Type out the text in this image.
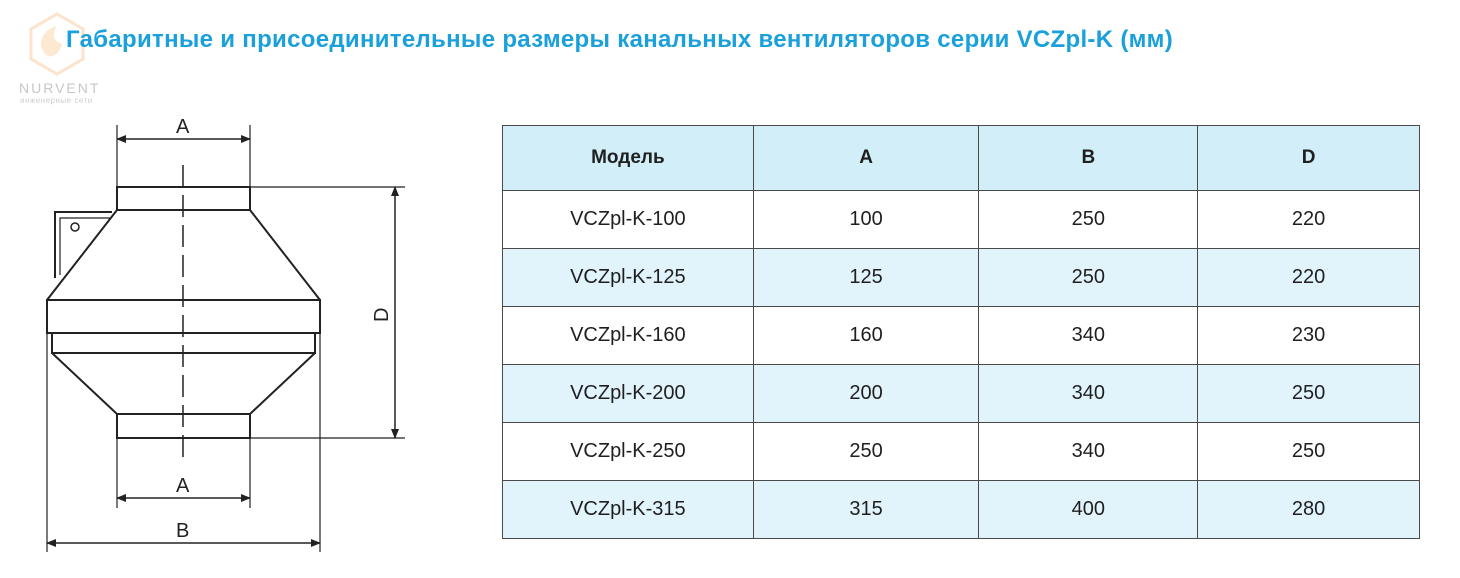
NURVENT
инженерные сети
Габаритные и присоединительные размеры канальных вентиляторов серии VCZpl-K (мм)
A
A
B
D
Модель	A	B	D
VCZpl-K-100	100	250	220
VCZpl-K-125	125	250	220
VCZpl-K-160	160	340	230
VCZpl-K-200	200	340	250
VCZpl-K-250	250	340	250
VCZpl-K-315	315	400	280
